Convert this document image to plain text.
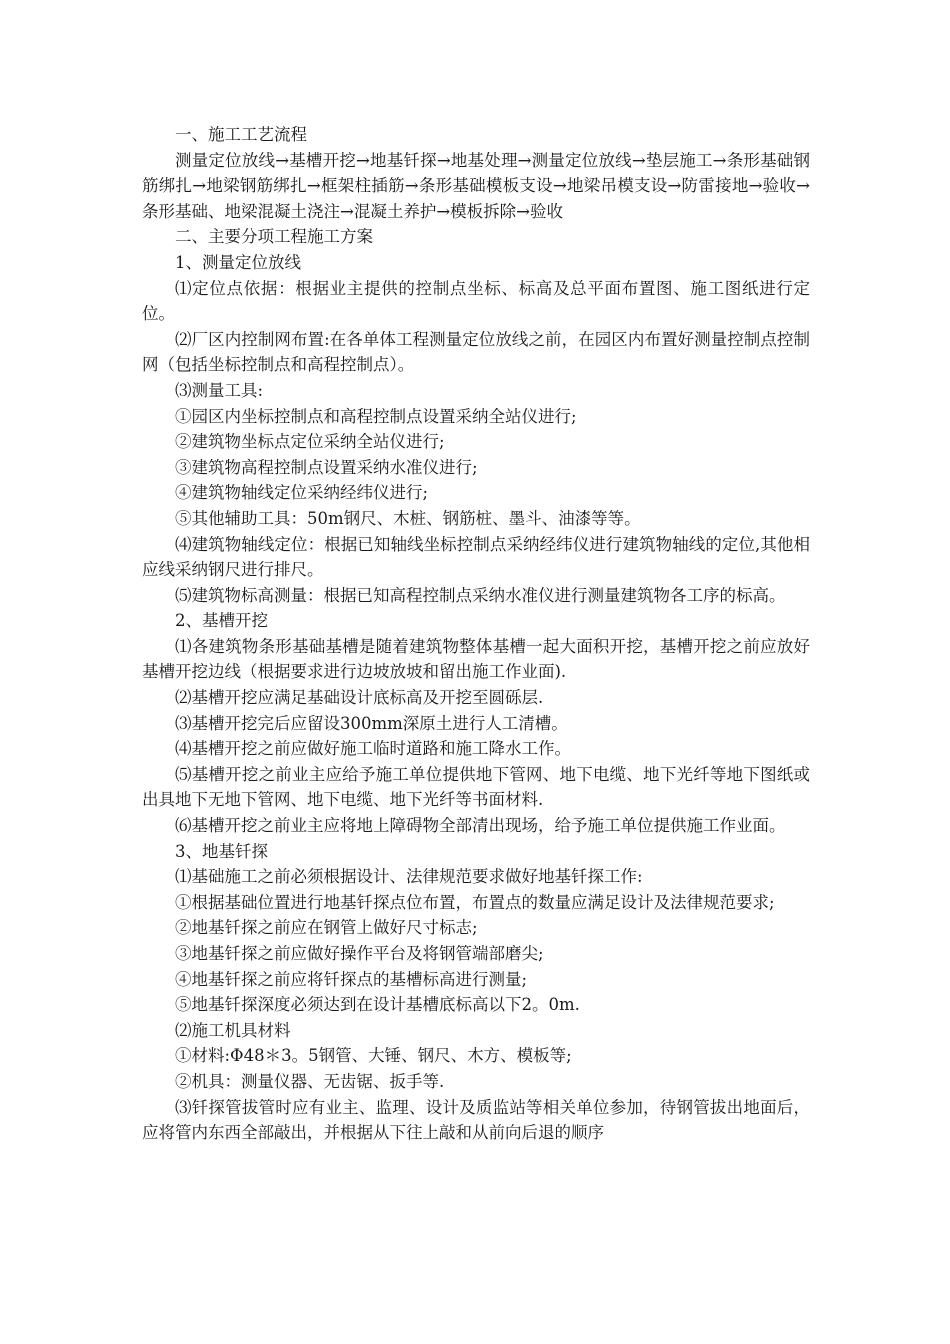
一、施工工艺流程

测量定位放线→基槽开挖→地基钎探→地基处理→测量定位放线→垫层施工→条形基础钢筋绑扎→地梁钢筋绑扎→框架柱插筋→条形基础模板支设→地梁吊模支设→防雷接地→验收→条形基础、地梁混凝土浇注→混凝土养护→模板拆除→验收

二、主要分项工程施工方案

1、测量定位放线

⑴定位点依据：根据业主提供的控制点坐标、标高及总平面布置图、施工图纸进行定位。

⑵厂区内控制网布置:在各单体工程测量定位放线之前，在园区内布置好测量控制点控制网（包括坐标控制点和高程控制点）。

⑶测量工具:

①园区内坐标控制点和高程控制点设置采纳全站仪进行;

②建筑物坐标点定位采纳全站仪进行;

③建筑物高程控制点设置采纳水准仪进行;

④建筑物轴线定位采纳经纬仪进行;

⑤其他辅助工具：50m钢尺、木桩、钢筋桩、墨斗、油漆等等。

⑷建筑物轴线定位：根据已知轴线坐标控制点采纳经纬仪进行建筑物轴线的定位,其他相应线采纳钢尺进行排尺。

⑸建筑物标高测量：根据已知高程控制点采纳水准仪进行测量建筑物各工序的标高。

2、基槽开挖

⑴各建筑物条形基础基槽是随着建筑物整体基槽一起大面积开挖，基槽开挖之前应放好基槽开挖边线（根据要求进行边坡放坡和留出施工作业面).

⑵基槽开挖应满足基础设计底标高及开挖至圆砾层.

⑶基槽开挖完后应留设300mm深原土进行人工清槽。

⑷基槽开挖之前应做好施工临时道路和施工降水工作。

⑸基槽开挖之前业主应给予施工单位提供地下管网、地下电缆、地下光纤等地下图纸或出具地下无地下管网、地下电缆、地下光纤等书面材料.

⑹基槽开挖之前业主应将地上障碍物全部清出现场，给予施工单位提供施工作业面。

3、地基钎探

⑴基础施工之前必须根据设计、法律规范要求做好地基钎探工作:

①根据基础位置进行地基钎探点位布置，布置点的数量应满足设计及法律规范要求;

②地基钎探之前应在钢管上做好尺寸标志;

③地基钎探之前应做好操作平台及将钢管端部磨尖;

④地基钎探之前应将钎探点的基槽标高进行测量;

⑤地基钎探深度必须达到在设计基槽底标高以下2。0m.

⑵施工机具材料

①材料:Φ48＊3。5钢管、大锤、钢尺、木方、模板等;

②机具：测量仪器、无齿锯、扳手等.

⑶钎探管拔管时应有业主、监理、设计及质监站等相关单位参加，待钢管拔出地面后，应将管内东西全部敲出，并根据从下往上敲和从前向后退的顺序
